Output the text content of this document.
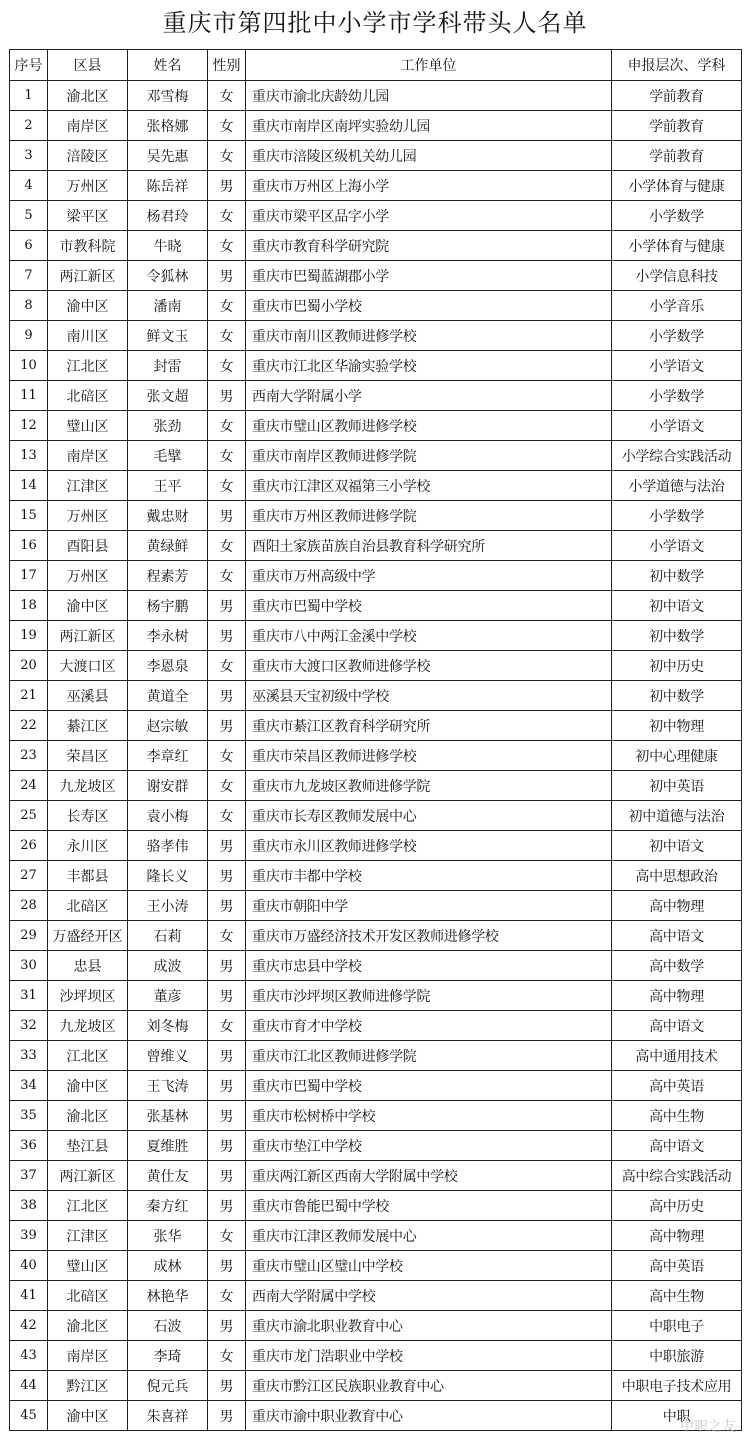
重庆市第四批中小学市学科带头人名单
序号	区县	姓名	性别	工作单位	申报层次、学科
1	渝北区	邓雪梅	女	重庆市渝北庆龄幼儿园	学前教育
2	南岸区	张格娜	女	重庆市南岸区南坪实验幼儿园	学前教育
3	涪陵区	吴先惠	女	重庆市涪陵区级机关幼儿园	学前教育
4	万州区	陈岳祥	男	重庆市万州区上海小学	小学体育与健康
5	梁平区	杨君玲	女	重庆市梁平区品字小学	小学数学
6	市教科院	牛晓	女	重庆市教育科学研究院	小学体育与健康
7	两江新区	令狐林	男	重庆市巴蜀蓝湖郡小学	小学信息科技
8	渝中区	潘南	女	重庆市巴蜀小学校	小学音乐
9	南川区	鲜文玉	女	重庆市南川区教师进修学校	小学数学
10	江北区	封雷	女	重庆市江北区华渝实验学校	小学语文
11	北碚区	张文超	男	西南大学附属小学	小学数学
12	璧山区	张劲	女	重庆市璧山区教师进修学校	小学语文
13	南岸区	毛擘	女	重庆市南岸区教师进修学院	小学综合实践活动
14	江津区	王平	女	重庆市江津区双福第三小学校	小学道德与法治
15	万州区	戴忠财	男	重庆市万州区教师进修学院	小学数学
16	酉阳县	黄绿鲜	女	酉阳土家族苗族自治县教育科学研究所	小学语文
17	万州区	程素芳	女	重庆市万州高级中学	初中数学
18	渝中区	杨宇鹏	男	重庆市巴蜀中学校	初中语文
19	两江新区	李永树	男	重庆市八中两江金溪中学校	初中数学
20	大渡口区	李恩泉	女	重庆市大渡口区教师进修学校	初中历史
21	巫溪县	黄道全	男	巫溪县天宝初级中学校	初中数学
22	綦江区	赵宗敏	男	重庆市綦江区教育科学研究所	初中物理
23	荣昌区	李章红	女	重庆市荣昌区教师进修学校	初中心理健康
24	九龙坡区	谢安群	女	重庆市九龙坡区教师进修学院	初中英语
25	长寿区	袁小梅	女	重庆市长寿区教师发展中心	初中道德与法治
26	永川区	骆孝伟	男	重庆市永川区教师进修学校	初中语文
27	丰都县	隆长义	男	重庆市丰都中学校	高中思想政治
28	北碚区	王小涛	男	重庆市朝阳中学	高中物理
29	万盛经开区	石莉	女	重庆市万盛经济技术开发区教师进修学校	高中语文
30	忠县	成波	男	重庆市忠县中学校	高中数学
31	沙坪坝区	董彦	男	重庆市沙坪坝区教师进修学院	高中物理
32	九龙坡区	刘冬梅	女	重庆市育才中学校	高中语文
33	江北区	曾维义	男	重庆市江北区教师进修学院	高中通用技术
34	渝中区	王飞涛	男	重庆市巴蜀中学校	高中英语
35	渝北区	张基林	男	重庆市松树桥中学校	高中生物
36	垫江县	夏维胜	男	重庆市垫江中学校	高中语文
37	两江新区	黄仕友	男	重庆两江新区西南大学附属中学校	高中综合实践活动
38	江北区	秦方红	男	重庆市鲁能巴蜀中学校	高中历史
39	江津区	张华	女	重庆市江津区教师发展中心	高中物理
40	璧山区	成林	男	重庆市璧山区璧山中学校	高中英语
41	北碚区	林艳华	女	西南大学附属中学校	高中生物
42	渝北区	石波	男	重庆市渝北职业教育中心	中职电子
43	南岸区	李琦	女	重庆市龙门浩职业中学校	中职旅游
44	黔江区	倪元兵	男	重庆市黔江区民族职业教育中心	中职电子技术应用
45	渝中区	朱喜祥	男	重庆市渝中职业教育中心	中职
中职之友
